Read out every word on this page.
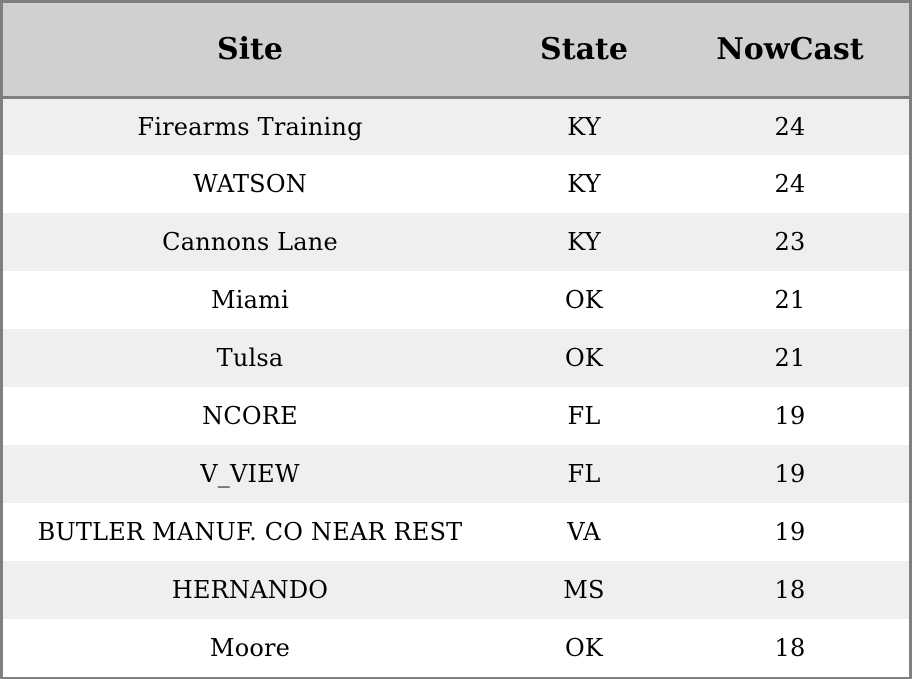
Site	State	NowCast
Firearms Training	KY	24
WATSON	KY	24
Cannons Lane	KY	23
Miami	OK	21
Tulsa	OK	21
NCORE	FL	19
V_VIEW	FL	19
BUTLER MANUF. CO NEAR REST	VA	19
HERNANDO	MS	18
Moore	OK	18
